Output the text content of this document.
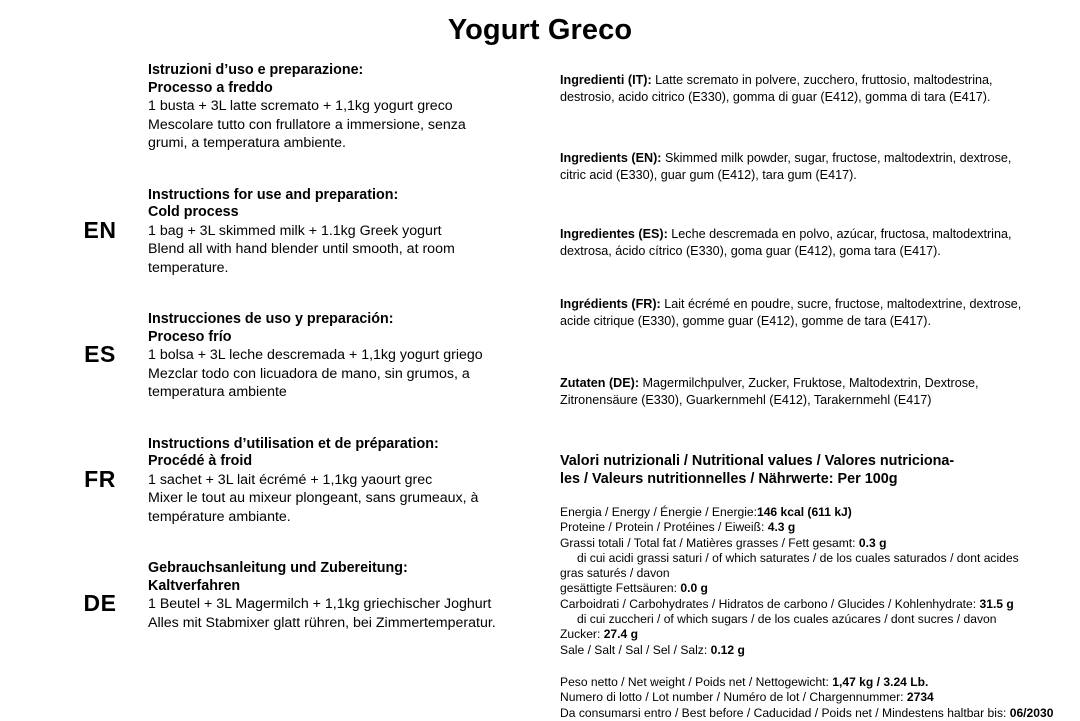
Yogurt Greco
Istruzioni d’uso e preparazione:
Processo a freddo
1 busta + 3L latte scremato + 1,1kg yogurt greco
Mescolare tutto con frullatore a immersione, senza
grumi, a temperatura ambiente.
EN
Instructions for use and preparation:
Cold process
1 bag + 3L skimmed milk + 1.1kg Greek yogurt
Blend all with hand blender until smooth, at room
temperature.
ES
Instrucciones de uso y preparación:
Proceso frío
1 bolsa + 3L leche descremada + 1,1kg yogurt griego
Mezclar todo con licuadora de mano, sin grumos, a
temperatura ambiente
FR
Instructions d’utilisation et de préparation:
Procédé à froid
1 sachet + 3L lait écrémé + 1,1kg yaourt grec
Mixer le tout au mixeur plongeant, sans grumeaux, à
température ambiante.
DE
Gebrauchsanleitung und Zubereitung:
Kaltverfahren
1 Beutel + 3L Magermilch + 1,1kg griechischer Joghurt
Alles mit Stabmixer glatt rühren, bei Zimmertemperatur.
Ingredienti (IT): Latte scremato in polvere, zucchero, fruttosio, maltodestrina, destrosio, acido citrico (E330), gomma di guar (E412), gomma di tara (E417).
Ingredients (EN): Skimmed milk powder, sugar, fructose, maltodextrin, dextrose, citric acid (E330), guar gum (E412), tara gum (E417).
Ingredientes (ES): Leche descremada en polvo, azúcar, fructosa, maltodextrina, dextrosa, ácido cítrico (E330), goma guar (E412), goma tara (E417).
Ingrédients (FR): Lait écrémé en poudre, sucre, fructose, maltodextrine, dextrose, acide citrique (E330), gomme guar (E412), gomme de tara (E417).
Zutaten (DE): Magermilchpulver, Zucker, Fruktose, Maltodextrin, Dextrose, Zitronensäure (E330), Guarkernmehl (E412), Tarakernmehl (E417)
Valori nutrizionali / Nutritional values / Valores nutriciona-
les / Valeurs nutritionnelles / Nährwerte: Per 100g
Energia / Energy / Énergie / Energie:146 kcal (611 kJ)
Proteine / Protein / Protéines / Eiweiß: 4.3 g
Grassi totali / Total fat / Matières grasses / Fett gesamt: 0.3 g
di cui acidi grassi saturi / of which saturates / de los cuales saturados / dont acides
gras saturés / davon
gesättigte Fettsäuren: 0.0 g
Carboidrati / Carbohydrates / Hidratos de carbono / Glucides / Kohlenhydrate: 31.5 g
di cui zuccheri / of which sugars / de los cuales azúcares / dont sucres / davon
Zucker: 27.4 g
Sale / Salt / Sal / Sel / Salz: 0.12 g
Peso netto / Net weight / Poids net / Nettogewicht: 1,47 kg / 3.24 Lb.
Numero di lotto / Lot number / Numéro de lot / Chargennummer: 2734
Da consumarsi entro / Best before / Caducidad / Poids net / Mindestens haltbar bis: 06/2030
